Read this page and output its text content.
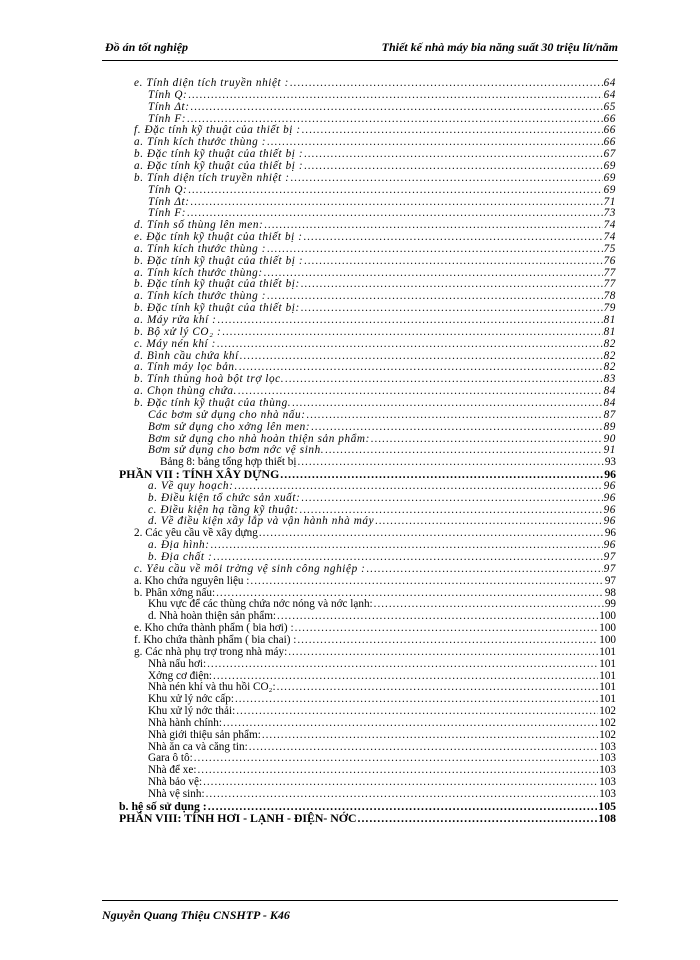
Đồ án tốt nghiệp	Thiết kế nhà máy bia năng suất 30 triệu lít/năm
e. Tính diện tích truyền nhiệt : .....	64
Tính Q: .....	64
Tính Δt: .....	65
Tính F: .....	66
f. Đặc tính kỹ thuật của thiết bị : .....	66
a. Tính kích thước thùng : .....	66
b. Đặc tính kỹ thuật của thiết bị : .....	67
a. Đặc tính kỹ thuật của thiết bị : .....	69
b. Tính diện tích truyền nhiệt : .....	69
Tính Q: .....	69
Tính Δt: .....	71
Tính F: .....	73
d. Tính số thùng lên men: .....	74
e. Đặc tính kỹ thuật của thiết bị : .....	74
a. Tính kích thước thùng : .....	75
b. Đặc tính kỹ thuật của thiết bị : .....	76
a. Tính kích thước thùng: .....	77
b. Đặc tính kỹ thuật của thiết bị: .....	77
a. Tính kích thước thùng : .....	78
b. Đặc tính kỹ thuật của thiết bị: .....	79
a. Máy rửa khí : .....	81
b. Bộ xử lý CO₂ : .....	81
c. Máy nén khí : .....	82
d. Bình cầu chứa khí .....	82
a. Tính máy lọc bản. .....	82
b. Tính thùng hoà bột trợ lọc. .....	83
a. Chọn thùng chứa. .....	84
b. Đặc tính kỹ thuật của thùng. .....	84
Các bơm sử dụng cho nhà nấu: .....	87
Bơm sử dụng cho xởng lên men: .....	89
Bơm sử dụng cho nhà hoàn thiện sản phẩm: .....	90
Bơm sử dụng cho bơm nớc vệ sinh. .....	91
Bảng 8: bảng tổng hợp thiết bị .....	93
PHẦN VII : TÍNH XÂY DỰNG .....	96
a. Về quy hoạch: .....	96
b. Điều kiện tổ chức sản xuất: .....	96
c. Điều kiện hạ tầng kỹ thuật: .....	96
d. Về điều kiện xây lắp và vận hành nhà máy .....	96
2. Các yêu cầu về xây dựng .....	96
a. Địa hình: .....	96
b. Địa chất : .....	97
c. Yêu cầu về môi trờng vệ sinh công nghiệp : .....	97
a. Kho chứa nguyên liệu : .....	97
b. Phân xởng nấu: .....	98
Khu vực để các thùng chứa nớc nóng và nớc lạnh: .....	99
d. Nhà hoàn thiện sản phẩm: .....	100
e. Kho chứa thành phẩm ( bia hơi) : .....	100
f. Kho chứa thành phẩm ( bia chai) : .....	100
g. Các nhà phụ trợ trong nhà máy: .....	101
Nhà nấu hơi: .....	101
Xởng cơ điện: .....	101
Nhà nén khí và thu hồi CO₂: .....	101
Khu xử lý nớc cấp: .....	101
Khu xử lý nớc thải: .....	102
Nhà hành chính: .....	102
Nhà giới thiệu sản phẩm: .....	102
Nhà ăn ca và căng tin: .....	103
Gara ô tô: .....	103
Nhà để xe: .....	103
Nhà bảo vệ: .....	103
Nhà vệ sinh: .....	103
b. hệ số sử dụng : .....	105
PHẦN VIII: TÍNH HƠI - LẠNH - ĐIỆN- NỚC .....	108
Nguyễn Quang Thiệu CNSHTP - K46
